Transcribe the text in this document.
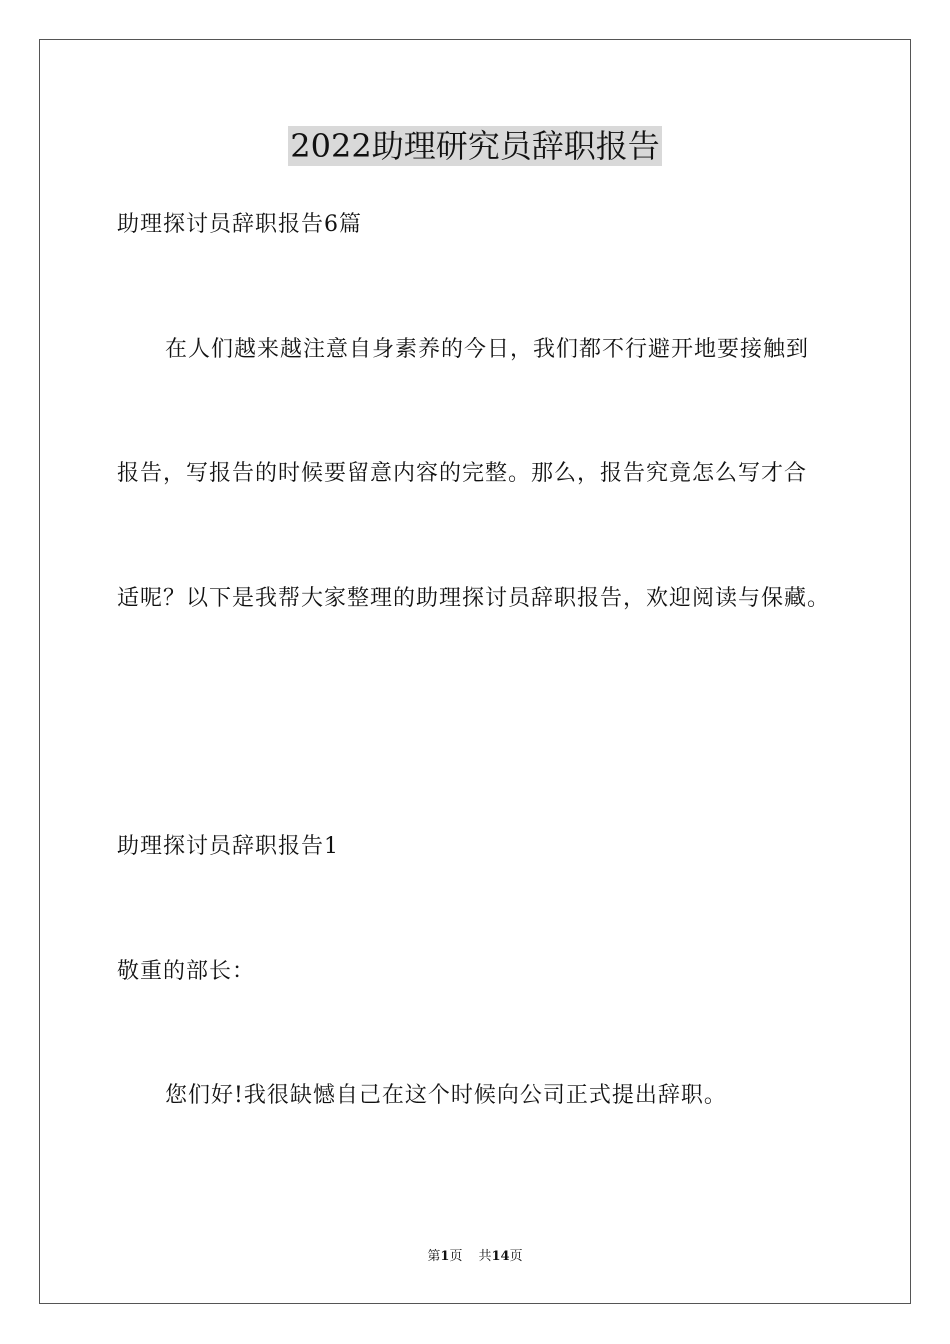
2022助理研究员辞职报告
助理探讨员辞职报告6篇
在人们越来越注意自身素养的今日，我们都不行避开地要接触到
报告，写报告的时候要留意内容的完整。那么，报告究竟怎么写才合
适呢？以下是我帮大家整理的助理探讨员辞职报告，欢迎阅读与保藏。
助理探讨员辞职报告1
敬重的部长：
您们好!我很缺憾自己在这个时候向公司正式提出辞职。
第1页 共14页
